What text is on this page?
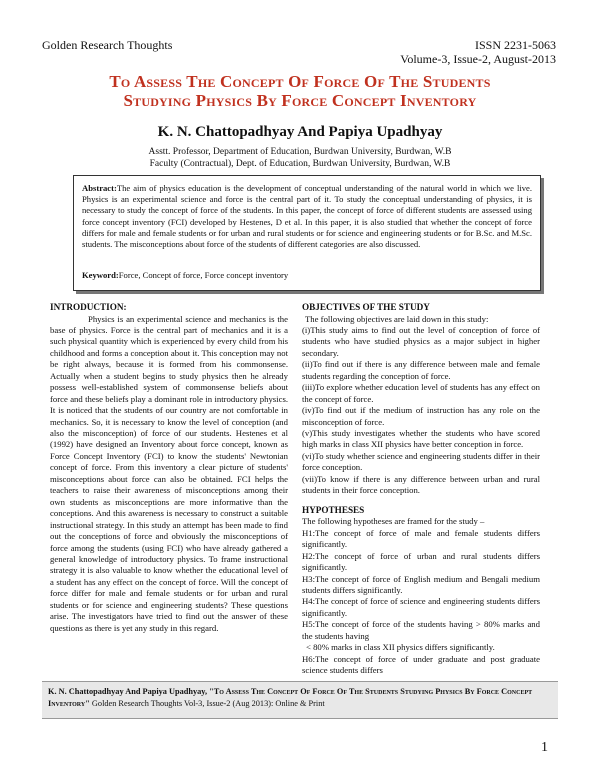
Golden Research Thoughts	ISSN 2231-5063
Volume-3, Issue-2, August-2013
To Assess The Concept Of Force Of The Students
Studying Physics By Force Concept Inventory
K. N. Chattopadhyay And Papiya Upadhyay
Asstt. Professor, Department of Education, Burdwan University, Burdwan, W.B
Faculty (Contractual), Dept. of Education, Burdwan University, Burdwan, W.B
Abstract:The aim of physics education is the development of conceptual understanding of the natural world in which we live. Physics is an experimental science and force is the central part of it. To study the conceptual understanding of physics, it is necessary to study the concept of force of the students. In this paper, the concept of force of different students are assessed using force concept inventory (FCI) developed by Hestenes, D et al. In this paper, it is also studied that whether the concept of force differs for male and female students or for urban and rural students or for science and engineering students or for B.Sc. and M.Sc. students. The misconceptions about force of the students of different categories are also discussed.
Keyword:Force, Concept of force, Force concept inventory
INTRODUCTION:

Physics is an experimental science and mechanics is the base of physics. Force is the central part of mechanics and it is a such physical quantity which is experienced by every child from his childhood and forms a conception about it. This conception may not be right always, because it is formed from his commonsense. Actually when a student begins to study physics then he already possess well-established system of commonsense beliefs about force and these beliefs play a dominant role in introductory physics. It is noticed that the students of our country are not comfortable in mechanics. So, it is necessary to know the level of conception (and also the misconception) of force of our students. Hestenes et al (1992) have designed an Inventory about force concept, known as Force Concept Inventory (FCI) to know the students' Newtonian concept of force. From this inventory a clear picture of students' misconceptions about force can also be obtained. FCI helps the teachers to raise their awareness of misconceptions among their own students as misconceptions are more informative than the conceptions. And this awareness is necessary to construct a suitable instructional strategy. In this study an attempt has been made to find out the conceptions of force and obviously the misconceptions of force among the students (using FCI) who have already gathered a general knowledge of introductory physics. To frame instructional strategy it is also valuable to know whether the educational level of a student has any effect on the concept of force. Will the concept of force differ for male and female students or for urban and rural students or for science and engineering students? These questions arise. The investigators have tried to find out the answer of these questions as there is yet any study in this regard.

OBJECTIVES OF THE STUDY

The following objectives are laid down in this study:

(i)This study aims to find out the level of conception of force of students who have studied physics as a major subject in higher secondary.

(ii)To find out if there is any difference between male and female students regarding the conception of force.

(iii)To explore whether education level of students has any effect on the concept of force.

(iv)To find out if the medium of instruction has any role on the misconception of force.

(v)This study investigates whether the students who have scored high marks in class XII physics have better conception in force.

(vi)To study whether science and engineering students differ in their force conception.

(vii)To know if there is any difference between urban and rural students in their force conception.

HYPOTHESES

The following hypotheses are framed for the study –

H1:The concept of force of male and female students differs significantly.

H2:The concept of force of urban and rural students differs significantly.

H3:The concept of force of English medium and Bengali medium students differs significantly.

H4:The concept of force of science and engineering students differs significantly.

H5:The concept of force of the students having > 80% marks and the students having

< 80% marks in class XII physics differs significantly.

H6:The concept of force of under graduate and post graduate science students differs

K. N. Chattopadhyay And Papiya Upadhyay, "To Assess The Concept Of Force Of The Students Studying Physics By Force Concept Inventory" Golden Research Thoughts Vol-3, Issue-2 (Aug 2013): Online & Print
1
